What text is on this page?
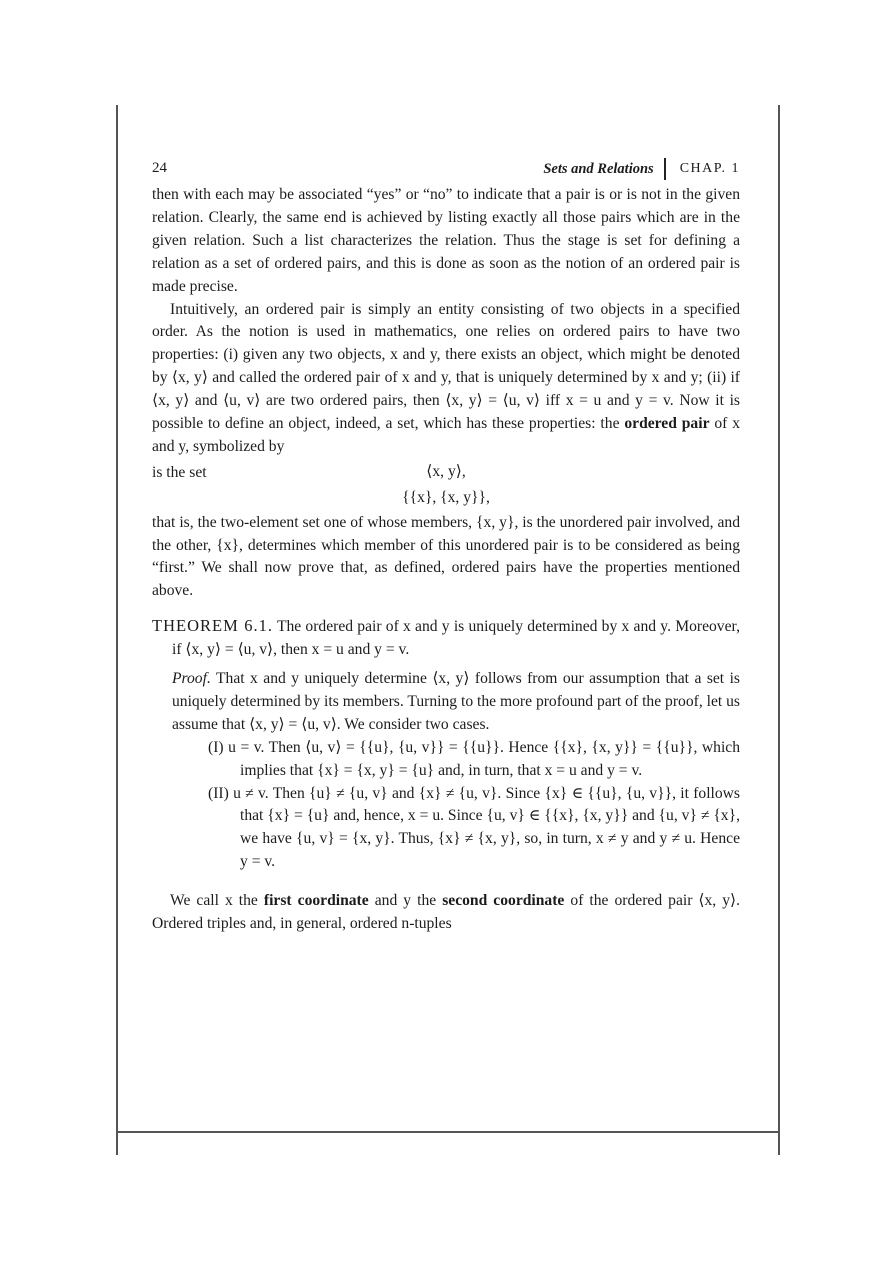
24	Sets and Relations CHAP. 1

then with each may be associated “yes” or “no” to indicate that a pair is or is not in the given relation. Clearly, the same end is achieved by listing exactly all those pairs which are in the given relation. Such a list characterizes the relation. Thus the stage is set for defining a relation as a set of ordered pairs, and this is done as soon as the notion of an ordered pair is made precise.

Intuitively, an ordered pair is simply an entity consisting of two objects in a specified order. As the notion is used in mathematics, one relies on ordered pairs to have two properties: (i) given any two objects, x and y, there exists an object, which might be denoted by ⟨x, y⟩ and called the ordered pair of x and y, that is uniquely determined by x and y; (ii) if ⟨x, y⟩ and ⟨u, v⟩ are two ordered pairs, then ⟨x, y⟩ = ⟨u, v⟩ iff x = u and y = v. Now it is possible to define an object, indeed, a set, which has these properties: the ordered pair of x and y, symbolized by

⟨x, y⟩,

is the set

{{x}, {x, y}},

that is, the two-element set one of whose members, {x, y}, is the unordered pair involved, and the other, {x}, determines which member of this unordered pair is to be considered as being “first.” We shall now prove that, as defined, ordered pairs have the properties mentioned above.

THEOREM 6.1. The ordered pair of x and y is uniquely determined by x and y. Moreover, if ⟨x, y⟩ = ⟨u, v⟩, then x = u and y = v.

Proof. That x and y uniquely determine ⟨x, y⟩ follows from our assumption that a set is uniquely determined by its members. Turning to the more profound part of the proof, let us assume that ⟨x, y⟩ = ⟨u, v⟩. We consider two cases.

(I) u = v. Then ⟨u, v⟩ = {{u}, {u, v}} = {{u}}. Hence {{x}, {x, y}} = {{u}}, which implies that {x} = {x, y} = {u} and, in turn, that x = u and y = v.
(II) u ≠ v. Then {u} ≠ {u, v} and {x} ≠ {u, v}. Since {x} ∈ {{u}, {u, v}}, it follows that {x} = {u} and, hence, x = u. Since {u, v} ∈ {{x}, {x, y}} and {u, v} ≠ {x}, we have {u, v} = {x, y}. Thus, {x} ≠ {x, y}, so, in turn, x ≠ y and y ≠ u. Hence y = v.

We call x the first coordinate and y the second coordinate of the ordered pair ⟨x, y⟩. Ordered triples and, in general, ordered n-tuples
